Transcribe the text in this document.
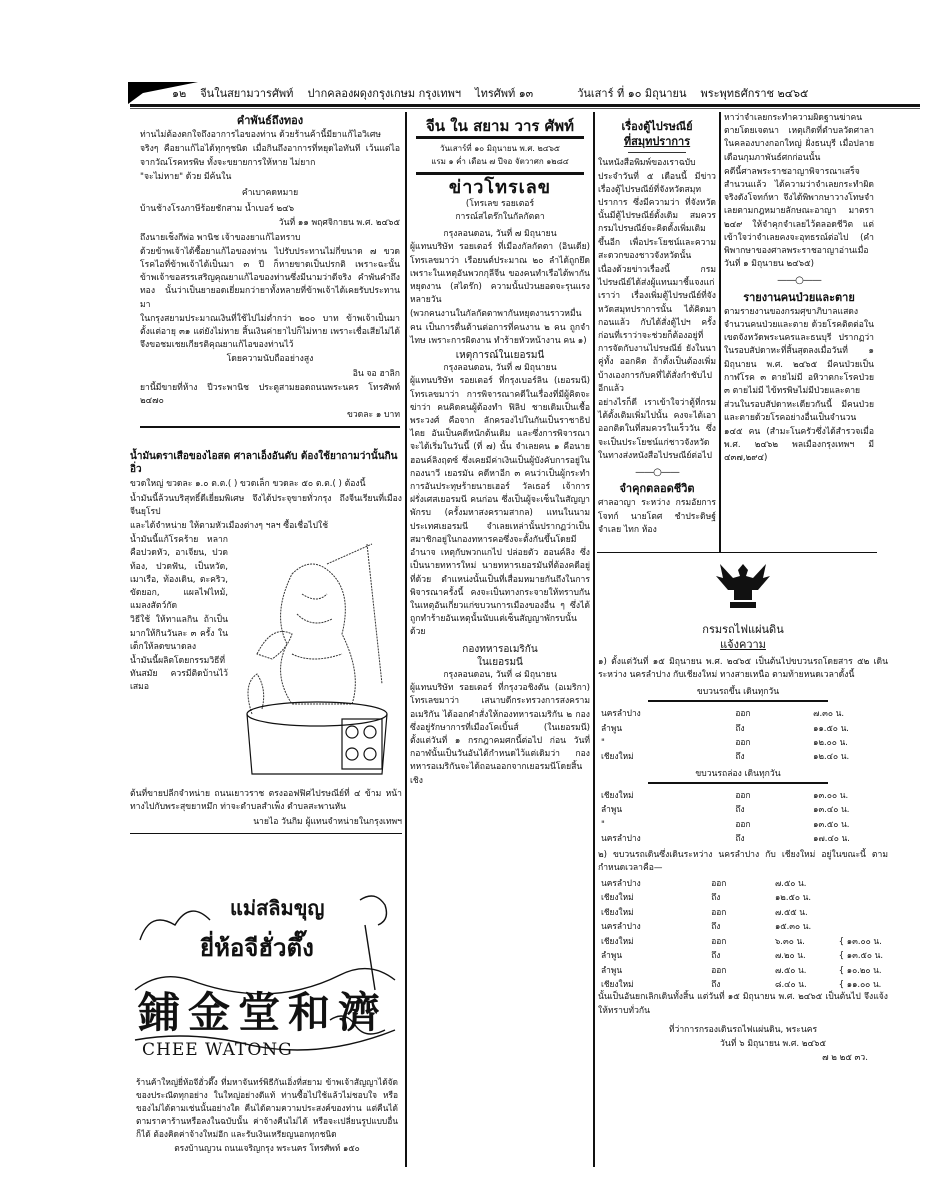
๑๒ จีนในสยามวารศัพท์ ปากคลองผดุงกรุงเกษม กรุงเทพฯ ไทรศัพท์ ๑๓	วันเสาร์ ที่ ๑๐ มิถุนายน พระพุทธศักราช ๒๔๖๕
คำพันธ์ถึงทอง

ท่านไม่ต้องตกใจถึงอาการไอของท่าน ด้วยร้านค้านี้มียาแก้ไอวิเศษ

จริงๆ คือยาแก้ไอได้ทุกๆชนิด เมื่อกินถึงอาการที่หยุดไอทันที เว้นแต่ไอจากวัณโรคทรพิษ ทั้งจะขยายการให้หาย ไม่ยาก

"จะไม่หาย" ด้วย มีค้นใน

คำเบาคดหมาย

บ้านช้างโรงภาษีร้อยชักสาม น้ำเบอร์ ๒๔๖

วันที่ ๑๑ พฤศจิกายน พ.ศ. ๒๔๖๕

ถึงนายเช็งกีพ่อ พานิช เจ้าของยาแก้ไอทราบ

ด้วยข้าพเจ้าได้ซื้อยาแก้ไอของท่าน ไปรับประทานไม่กี่ขนาด ๗ ขวด โรคไอที่ข้าพเจ้าได้เป็นมา ๓ ปี ก็หายขาดเป็นปรกติ เพราะฉะนั้นข้าพเจ้าขอสรรเสริญคุณยาแก้ไอของท่านซึ่งมีนามว่าดีจริง คำพันคำถึงทอง นั้นว่าเป็นยายอดเยี่ยมกว่ายาทั้งหลายที่ข้าพเจ้าได้เคยรับประทานมา

ในกรุงสยามประมาณเงินที่ใช้ไปไม่ต่ำกว่า ๒๐๐ บาท ข้าพเจ้าเป็นมาตั้งแต่อายุ ๓๑ แต่ยังไม่หาย สิ้นเงินค่ายาไปก็ไม่หาย เพราะเชื่อเสียไม่ได้ จึงขอชมเชยเกียรติคุณยาแก้ไอของท่านไว้

โดยความนับถืออย่างสูง

อิน จอ ฮาลิก

ยานี้มีขายที่ห้าง ปีวระพานิช ประตูสามยอดถนนพระนคร โทรศัพท์ ๒๔๗๐

ขวดละ ๑ บาท

น้ำมันตราเสือของไอสด ศาลาเอ็งอันดับ ต้องใช้ยาถามว่านั้นกินอิ่ว

ขวดใหญ่ ขวดละ ๑.๐ ต.ต.( ) ขวดเล็ก ขวดละ ๕๐ ต.ต.( ) ต้องนี้

น้ำมันนี้ล้วนบริสุทธิ์ดีเยี่ยมพิเศษ จึงได้ประจุขายทั่วกรุง ถึงจีนเรียนที่เมืองจีนยุโรป

และได้จำหน่าย ให้ตามหัวเมืองต่างๆ ฯลฯ ซื้อเชื่อไปใช้

น้ำมันนี้แก้โรคร้าย หลาก คือปวดหัว, อาเจียน, ปวดท้อง, ปวดฟัน, เป็นหวัด, เมาเรือ, ท้องเดิน, ตะคริว, ขัดยอก, แผลไฟไหม้, แมลงสัตว์กัด

วิธีใช้ ให้ทาแลกิน ถ้าเป็นมากให้กินวันละ ๓ ครั้ง ในเด็กให้ลดขนาดลง

น้ำมันนี้ผลิตโดยกรรมวิธีที่ทันสมัย ควรมีติดบ้านไว้เสมอ

ต้นที่ขายปลีกจำหน่าย ถนนเยาวราช ตรงออฟฟิศไปรษณีย์ที่ ๔ ข้าม หน้าทางไปกับพระสุขยาหมึก ท่าจะตำบลสำเพ็ง ตำบลสะพานหัน

นายไอ วันกิม ผู้แทนจำหน่ายในกรุงเทพฯ

แม่สลิมขุญ
ยี่ห้อจีฮั่วตึ๊ง
鋪金堂和濟
CHEE WATONG

ร้านค้าใหญ่ยี่ห้อจีฮั่วตึ๊ง ที่มหาจันทร์พิธีกันเอิ่งที่สยาม ข้าพเจ้าสัญญาได้จัดของประณีตทุกอย่าง ในใหญ่อย่างดีแท้ ท่านซื้อไปใช้แล้วไม่ชอบใจ หรือของไม่ได้ตามเช่นนั้นอย่างใด คืนได้ตามความประสงค์ของท่าน แต่คืนได้ตามราคาร้านหรือลงในฉบับนั้น ค่าจ้างคืนไม่ได้ หรือจะเปลี่ยนรูปแบบอื่นก็ได้ ต้องคิดค่าจ้างใหม่อีก และรับเงินเหรียญนอกทุกชนิด

ตรงบ้านญวน ถนนเจริญกรุง พระนคร โทรศัพท์ ๑๕๐

จีน ใน สยาม วาร ศัพท์
วันเสาร์ที่ ๑๐ มิถุนายน พ.ศ. ๒๔๖๕
แรม ๑ ค่ำ เดือน ๗ ปีจอ จัตวาศก ๑๒๘๔
ข่าวโทรเลข
(โทรเลข รอยเตอร์
การณ์สไตร๊กในกัลกัตตา
กรุงลอนดอน, วันที่ ๗ มิถุนายน

ผู้แทนบริษัท รอยเตอร์ ที่เมืองกัลกัตตา (อินเดีย) โทรเลขมาว่า เรือยนต์ประมาณ ๒๐ ลำได้ถูกยึดเพราะในเหตุอันพวกกุลีจีน ของคนทำเรือได้พากันหยุดงาน (สไตร๊ก) ความนั้นป่วนยอดจะรุนแรงหลายวัน

(พวกคนงานในกัลกัตตาพากันหยุดงานราวหมื่นคน เป็นการตื่นต้านต่อการที่คนงาน ๒ คน ถูกจำไทษ เพราะการผิดงาน ทำร้ายหัวหน้างาน คน ๑)

เหตุการณ์ในเยอรมนี
กรุงลอนดอน, วันที่ ๗ มิถุนายน

ผู้แทนบริษัท รอยเตอร์ ที่กรุงเบอร์ลิน (เยอรมนี) โทรเลขมาว่า การพิจารณาคดีในเรื่องที่มีผู้คิดจะฆ่าว่า คนคิดคนผู้ต้องทำ ฟิลิป ชายเดิมเป็นเชื้อพระวงศ์ คือจาก ลักครองไปในกันเป็นราชาธิปไตย อันเป็นคดีหนักต้นเดิม และซึ่งการพิจารณาจะได้เริ่มในวันนี้ (ที่ ๗) นั้น จำเลยคน ๑ คือนายฮอนค์ลิงฤตซ์ ซึ่งเคยมีค่าเงินเป็นผู้บังคับการอยู่ในกองนาวี เยอรมัน คดีหาอีก ๓ คนว่าเป็นผู้กระทำการอันประทุษร้ายนายเฮอร์ วัลเธอร์ เจ้าการฝรั่งเศสเยอรมนี คนก่อน ซึ่งเป็นผู้จะเซ็นในสัญญาพักรบ (ครั้งมหาสงครามสากล) แทนในนามประเทศเยอรมนี จำเลยเหล่านั้นปรากฏว่าเป็นสมาชิกอยู่ในกองทหารคอซึ่งจะตั้งกันขึ้นโดยมีอำนาจ เหตุกับพวกแกไป ปล่อยตัว ฮอนค์ลิง ซึ่งเป็นนายทหารใหม่ นายทหารเยอรมันที่ต้องคดีอยู่ที่ด้วย ตำแหน่งนั้นเป็นที่เสื่อมหมายกันถึงในการพิจารณาครั้งนี้ คงจะเป็นทางกระจายให้ทราบกันในเหตุอันเกี่ยวแก่ขบวนการเมืองของอื่น ๆ ซึ่งได้ถูกทำร้ายอันเหตุนั้นนับแต่เซ็นสัญญาพักรบนั้นด้วย

กองทหารอเมริกัน
ในเยอรมนี
กรุงลอนดอน, วันที่ ๘ มิถุนายน

ผู้แทนบริษัท รอยเตอร์ ที่กรุงวอชิงตัน (อเมริกา) โทรเลขมาว่า เสนาบดีกระทรวงการสงครามอเมริกัน ได้ออกคำสั่งให้กองทหารอเมริกัน ๒ กองซึ่งอยู่รักษาการที่เมืองโคเบิ้นส์ (ในเยอรมนี) ตั้งแต่วันที่ ๑ กรกฎาคมศกนี้ต่อไป ก่อน วันที่กอาฬนั้นเป็นวันอันได้กำหนดไว้แต่เดิมว่า กองทหารอเมริกันจะได้ถอนออกจากเยอรมนีโดยสิ้นเชิง

เรื่องตู้ไปรษณีย์
ที่สมุทปราการ

ในหนังสือพิมพ์ของเราฉบับประจำวันที่ ๕ เดือนนี้ มีข่าวเรื่องตู้ไปรษณีย์ที่จังหวัดสมุทปราการ ซึ่งมีความว่า ที่จังหวัดนั้นมีตู้ไปรษณีย์ตั้งเดิม สมควรกรมไปรษณีย์จะคิดตั้งเพิ่มเติมขึ้นอีก เพื่อประโยชน์และความสะดวกของชาวจังหวัดนั้น

เนื่องด้วยข่าวเรื่องนี้ กรมไปรษณีย์ได้ส่งผู้แทนมาชี้แจงแก่เราว่า เรื่องเพิ่มตู้ไปรษณีย์ที่จังหวัดสมุทปราการนั้น ได้คิดมากอนแล้ว กับได้สั่งตู้ไปฯ ครั้งก่อนที่เราว่าจะช่วยก็ต้องอยู่ที่การจัดกับงานไปรษณีย์ ยังในนาคู่ทั้ง ออกคิด ถ้าตั้งเป็นต้องเพิ่มบ้างเองการกับคที่ได้สั่งกำชับไปอีกแล้ว

อย่างไรก็ดี เราเข้าใจว่าตู้ที่กรมได้ตั้งเติมเพิ่มไปนั้น คงจะได้เอาออกติดในที่สมควรในเร็ววัน ซึ่งจะเป็นประโยชน์แก่ชาวจังหวัดในทางส่งหนังสือไปรษณีย์ต่อไป

——○——
จำคุกตลอดชีวิต

ศาลอาญา ระหว่าง กรมอัยการโจทก์ นายโตศ ชำประดิษฐ์ จำเลย ไทก ห้อง

หาว่าจำเลยกระทำความผิดฐานฆ่าคนตายโดยเจตนา เหตุเกิดที่ตำบลวัดศาลา ในคลองบางกอกใหญ่ ฝั่งธนบุรี เมื่อปลายเดือนกุมภาพันธ์ศกก่อนนั้น

คดีนี้ศาลพระราชอาญาพิจารณาเสร็จสำนวนแล้ว ได้ความว่าจำเลยกระทำผิดจริงดังโจทก์หา จึงได้พิพากษาวางโทษจำเลยตามกฎหมายลักษณะอาญา มาตรา ๒๔๙ ให้จำคุกจำเลยไว้ตลอดชีวิต แต่เข้าใจว่าจำเลยคงจะอุทธรณ์ต่อไป (คำพิพากษาของศาลพระราชอาญาอ่านเมื่อวันที่ ๑ มิถุนายน ๒๔๖๕)

——○——
รายงานคนป่วยและตาย

ตามรายงานของกรมศุขาภิบาลแสดงจำนวนคนป่วยและตาย ด้วยโรคติดต่อในเขตจังหวัดพระนครและธนบุรี ปรากฏว่า ในรอบสัปดาหะที่สิ้นสุดลงเมื่อวันที่ ๑ มิถุนายน พ.ศ. ๒๔๖๕ มีคนป่วยเป็นกาฬโรค ๓ ตายไม่มี อหิวาตกะโรคป่วย ๓ ตายไม่มี ไข้ทรพิษไม่มีป่วยและตาย

ส่วนในรอบสัปดาหะเดียวกันนี้ มีคนป่วยและตายด้วยโรคอย่างอื่นเป็นจำนวน ๑๔๕ คน (สำมะโนครัวซึ่งได้สำรวจเมื่อ พ.ศ. ๒๔๖๒ พลเมืองกรุงเทพฯ มี ๔๓๗,๒๙๔)

กรมรถไฟแผ่นดิน
แจ้งความ

๑) ตั้งแต่วันที่ ๑๕ มิถุนายน พ.ศ. ๒๔๖๕ เป็นต้นไปขบวนรถโดยสาร ๕๒ เดิน ระหว่าง นครลำปาง กับเชียงใหม่ ทางสายเหนือ ตามท้ายหนดเวลาดั้งนี้

ขบวนรถขึ้น เดินทุกวัน
นครลำปาง	ออก	๗.๓๐ น.
ลำพูน	ถึง	๑๑.๕๐ น.
"	ออก	๑๒.๐๐ น.
เชียงใหม่	ถึง	๑๒.๔๐ น.
ขบวนรถล่อง เดินทุกวัน
เชียงใหม่	ออก	๑๓.๐๐ น.
ลำพูน	ถึง	๑๓.๔๐ น.
"	ออก	๑๓.๕๐ น.
นครลำปาง	ถึง	๑๗.๔๐ น.

๒) ขบวนรถเดินซึ่งเดินระหว่าง นครลำปาง กับ เชียงใหม่ อยู่ในขณะนี้ ตามกำหนดเวลาคือ—

นครลำปาง	ออก	๗.๕๐ น.	
เชียงใหม่	ถึง	๑๒.๕๐ น.	
เชียงใหม่	ออก	๗.๕๕ น.	
นครลำปาง	ถึง	๑๕.๓๐ น.	
เชียงใหม่	ออก	๖.๓๐ น.	{ ๑๓.๐๐ น.
ลำพูน	ถึง	๗.๒๐ น.	{ ๑๓.๕๐ น.
ลำพูน	ออก	๗.๕๐ น.	{ ๑๐.๒๐ น.
เชียงใหม่	ถึง	๘.๔๐ น.	{ ๑๑.๐๐ น.

นั้นเป็นอันยกเลิกเดินทั้งสิ้น แต่วันที่ ๑๕ มิถุนายน พ.ศ. ๒๔๖๕ เป็นต้นไป จึงแจ้งให้ทราบทั่วกัน

ที่ว่าการกรองเดินรถไฟแผ่นดิน, พระนคร

วันที่ ๖ มิถุนายน พ.ศ. ๒๔๖๕

๗ ๒ ๒๕ ๓ว.
